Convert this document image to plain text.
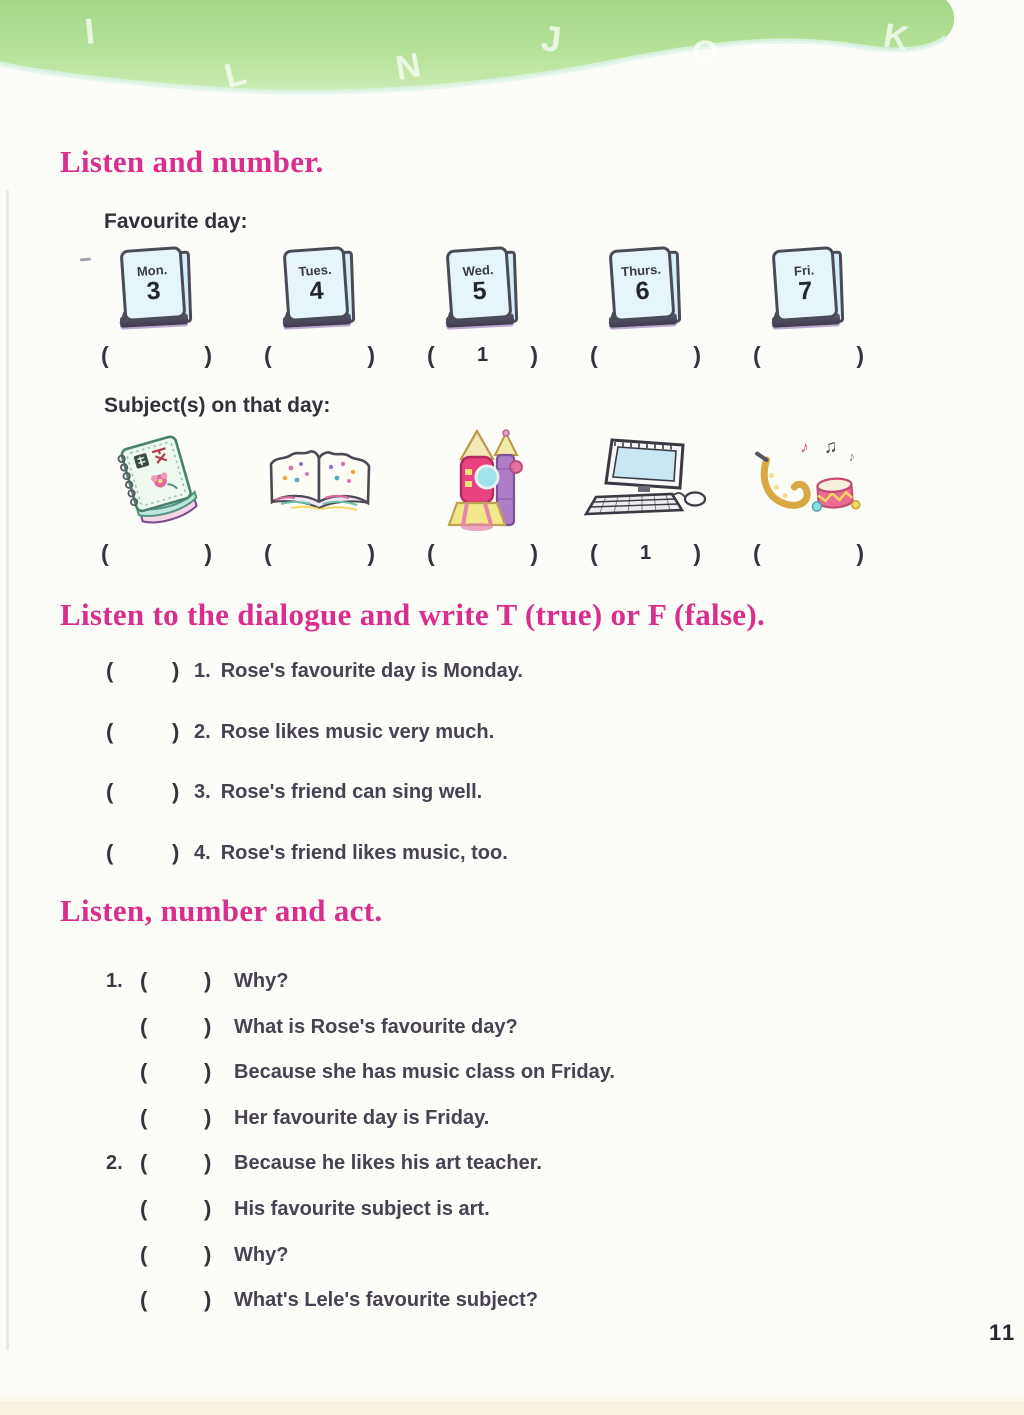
I
L	N
J	O	K
Listen and number.
Favourite day:
Mon.
3
Tues.
4
Wed.
5
Thurs.
6
Fri.
7
(	) (	) ( 1 ) (	) (	)
Subject(s) on that day:
♪ ♫ ♪
(	) (	) (	) ( 1 ) (	)
Listen to the dialogue and write T (true) or F (false).
(	) 1. Rose's favourite day is Monday.
(	) 2. Rose likes music very much.
(	) 3. Rose's friend can sing well.
(	) 4. Rose's friend likes music, too.
Listen, number and act.
1. (	)	Why?
(	)	What is Rose's favourite day?
(	)	Because she has music class on Friday.
(	)	Her favourite day is Friday.
2. (	)	Because he likes his art teacher.
(	)	His favourite subject is art.
(	)	Why?
(	)	What's Lele's favourite subject?
11
